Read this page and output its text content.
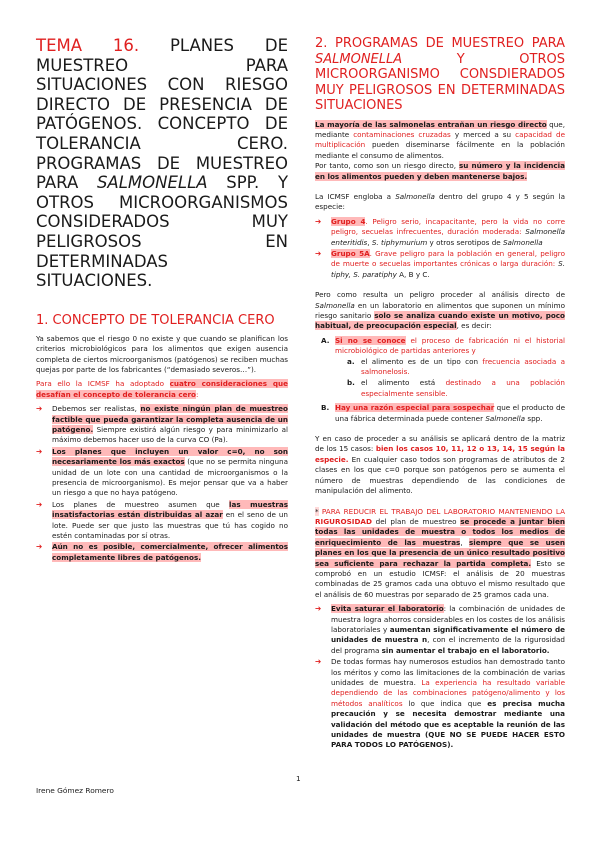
TEMA 16. PLANES DE MUESTREO PARA SITUACIONES CON RIESGO DIRECTO DE PRESENCIA DE PATÓGENOS. CONCEPTO DE TOLERANCIA CERO. PROGRAMAS DE MUESTREO PARA SALMONELLA SPP. Y OTROS MICROORGANISMOS CONSIDERADOS MUY PELIGROSOS EN DETERMINADAS SITUACIONES.
1. CONCEPTO DE TOLERANCIA CERO

Ya sabemos que el riesgo 0 no existe y que cuando se planifican los criterios microbiológicos para los alimentos que exigen ausencia completa de ciertos microorganismos (patógenos) se reciben muchas quejas por parte de los fabricantes (“demasiado severos…”).

Para ello la ICMSF ha adoptado cuatro consideraciones que desafían el concepto de tolerancia cero:

➔ Debemos ser realistas, no existe ningún plan de muestreo factible que pueda garantizar la completa ausencia de un patógeno. Siempre existirá algún riesgo y para minimizarlo al máximo debemos hacer uso de la curva CO (Pa).
➔ Los planes que incluyen un valor c=0, no son necesariamente los más exactos (que no se permita ninguna unidad de un lote con una cantidad de microorganismos o la presencia de microorganismo). Es mejor pensar que va a haber un riesgo a que no haya patógeno.
➔ Los planes de muestreo asumen que las muestras insatisfactorias están distribuidas al azar en el seno de un lote. Puede ser que justo las muestras que tú has cogido no estén contaminadas por sí otras.
➔ Aún no es posible, comercialmente, ofrecer alimentos completamente libres de patógenos.
2. PROGRAMAS DE MUESTREO PARA SALMONELLA Y OTROS MICROORGANISMO CONSDIERADOS MUY PELIGROSOS EN DETERMINADAS SITUACIONES

La mayoría de las salmonelas entrañan un riesgo directo que, mediante contaminaciones cruzadas y merced a su capacidad de multiplicación pueden diseminarse fácilmente en la población mediante el consumo de alimentos.
Por tanto, como son un riesgo directo, su número y la incidencia en los alimentos pueden y deben mantenerse bajos.

La ICMSF engloba a Salmonella dentro del grupo 4 y 5 según la especie:

➔ Grupo 4. Peligro serio, incapacitante, pero la vida no corre peligro, secuelas infrecuentes, duración moderada: Salmonella enteritidis, S. tiphymurium y otros serotipos de Salmonella
➔ Grupo 5A. Grave peligro para la población en general, peligro de muerte o secuelas importantes crónicas o larga duración: S. tiphy, S. paratiphy A, B y C.

Pero como resulta un peligro proceder al análisis directo de Salmonella en un laboratorio en alimentos que suponen un mínimo riesgo sanitario solo se analiza cuando existe un motivo, poco habitual, de preocupación especial, es decir:

A. Si no se conoce el proceso de fabricación ni el historial microbiológico de partidas anteriores y
a. el alimento es de un tipo con frecuencia asociada a salmonelosis.
b. el alimento está destinado a una población especialmente sensible.
B. Hay una razón especial para sospechar que el producto de una fábrica determinada puede contener Salmonella spp.

Y en caso de proceder a su análisis se aplicará dentro de la matriz de los 15 casos: bien los casos 10, 11, 12 o 13, 14, 15 según la especie. En cualquier caso todos son programas de atributos de 2 clases en los que c=0 porque son patógenos pero se aumenta el número de muestras dependiendo de las condiciones de manipulación del alimento.

* PARA REDUCIR EL TRABAJO DEL LABORATORIO MANTENIENDO LA RIGUROSIDAD del plan de muestreo se procede a juntar bien todas las unidades de muestra o todos los medios de enriquecimiento de las muestras, siempre que se usen planes en los que la presencia de un único resultado positivo sea suficiente para rechazar la partida completa. Esto se comprobó en un estudio ICMSF: el análisis de 20 muestras combinadas de 25 gramos cada una obtuvo el mismo resultado que el análisis de 60 muestras por separado de 25 gramos cada una.

➔ Evita saturar el laboratorio: la combinación de unidades de muestra logra ahorros considerables en los costes de los análisis laboratoriales y aumentan significativamente el número de unidades de muestra n, con el incremento de la rigurosidad del programa sin aumentar el trabajo en el laboratorio.
➔ De todas formas hay numerosos estudios han demostrado tanto los méritos y como las limitaciones de la combinación de varias unidades de muestra. La experiencia ha resultado variable dependiendo de las combinaciones patógeno/alimento y los métodos analíticos lo que indica que es precisa mucha precaución y se necesita demostrar mediante una validación del método que es aceptable la reunión de las unidades de muestra (QUE NO SE PUEDE HACER ESTO PARA TODOS LO PATÓGENOS).
1
Irene Gómez Romero
